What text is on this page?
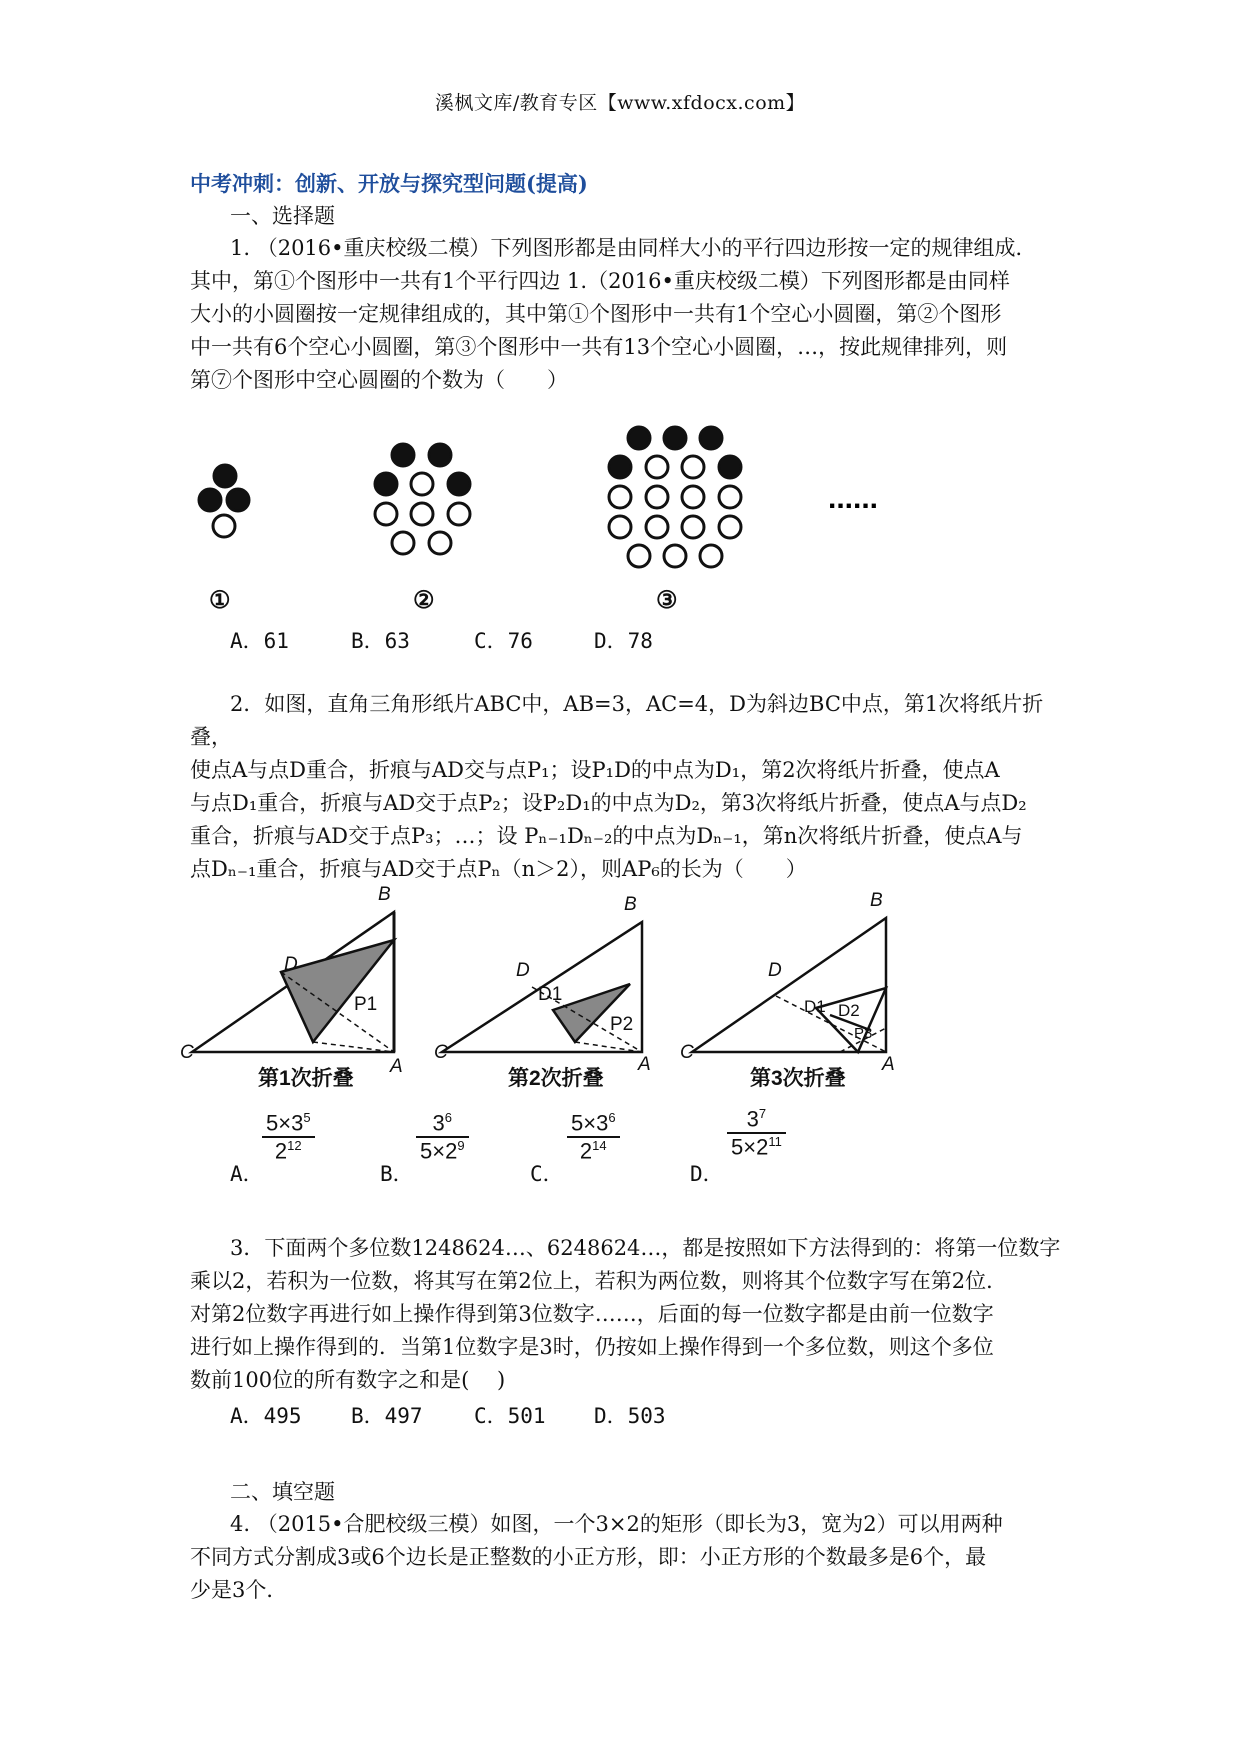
溪枫文库/教育专区【www.xfdocx.com】
中考冲刺：创新、开放与探究型问题(提高)
一、选择题

1. （2016•重庆校级二模）下列图形都是由同样大小的平行四边形按一定的规律组成．

其中，第①个图形中一共有1个平行四边 1.（2016•重庆校级二模）下列图形都是由同样

大小的小圆圈按一定规律组成的，其中第①个图形中一共有1个空心小圆圈，第②个图形

中一共有6个空心小圆圈，第③个图形中一共有13个空心小圆圈，…，按此规律排列，则

第⑦个图形中空心圆圈的个数为（　　）

......
①	②	③
A．61	B．63	C．76	D．78

2．如图，直角三角形纸片ABC中，AB=3，AC=4，D为斜边BC中点，第1次将纸片折叠，

使点A与点D重合，折痕与AD交与点P₁；设P₁D的中点为D₁，第2次将纸片折叠，使点A

与点D₁重合，折痕与AD交于点P₂；设P₂D₁的中点为D₂，第3次将纸片折叠，使点A与点D₂

重合，折痕与AD交于点P₃；…；设 Pₙ₋₁Dₙ₋₂的中点为Dₙ₋₁，第n次将纸片折叠，使点A与

点Dₙ₋₁重合，折痕与AD交于点Pₙ（n＞2），则AP₆的长为（　　）

B
C
A
D
P1
B
C
A
D
D1
P2
B
C
A
D
D1 D2
P3
第1次折叠	第2次折叠	第3次折叠
A．
$\frac{5\times 3^5}{2^{12}}$
B．
$\frac{3^6}{5\times 2^9}$
C．
$\frac{5\times 3^6}{2^{14}}$
D．
$\frac{3^7}{5\times 2^{11}}$

3．下面两个多位数1248624…、6248624…，都是按照如下方法得到的：将第一位数字

乘以2，若积为一位数，将其写在第2位上，若积为两位数，则将其个位数字写在第2位．

对第2位数字再进行如上操作得到第3位数字……，后面的每一位数字都是由前一位数字

进行如上操作得到的．当第1位数字是3时，仍按如上操作得到一个多位数，则这个多位

数前100位的所有数字之和是(　 )

A．495 B．497 C．501 D．503
二、填空题

4. （2015•合肥校级三模）如图，一个3×2的矩形（即长为3，宽为2）可以用两种

不同方式分割成3或6个边长是正整数的小正方形，即：小正方形的个数最多是6个，最

少是3个．
